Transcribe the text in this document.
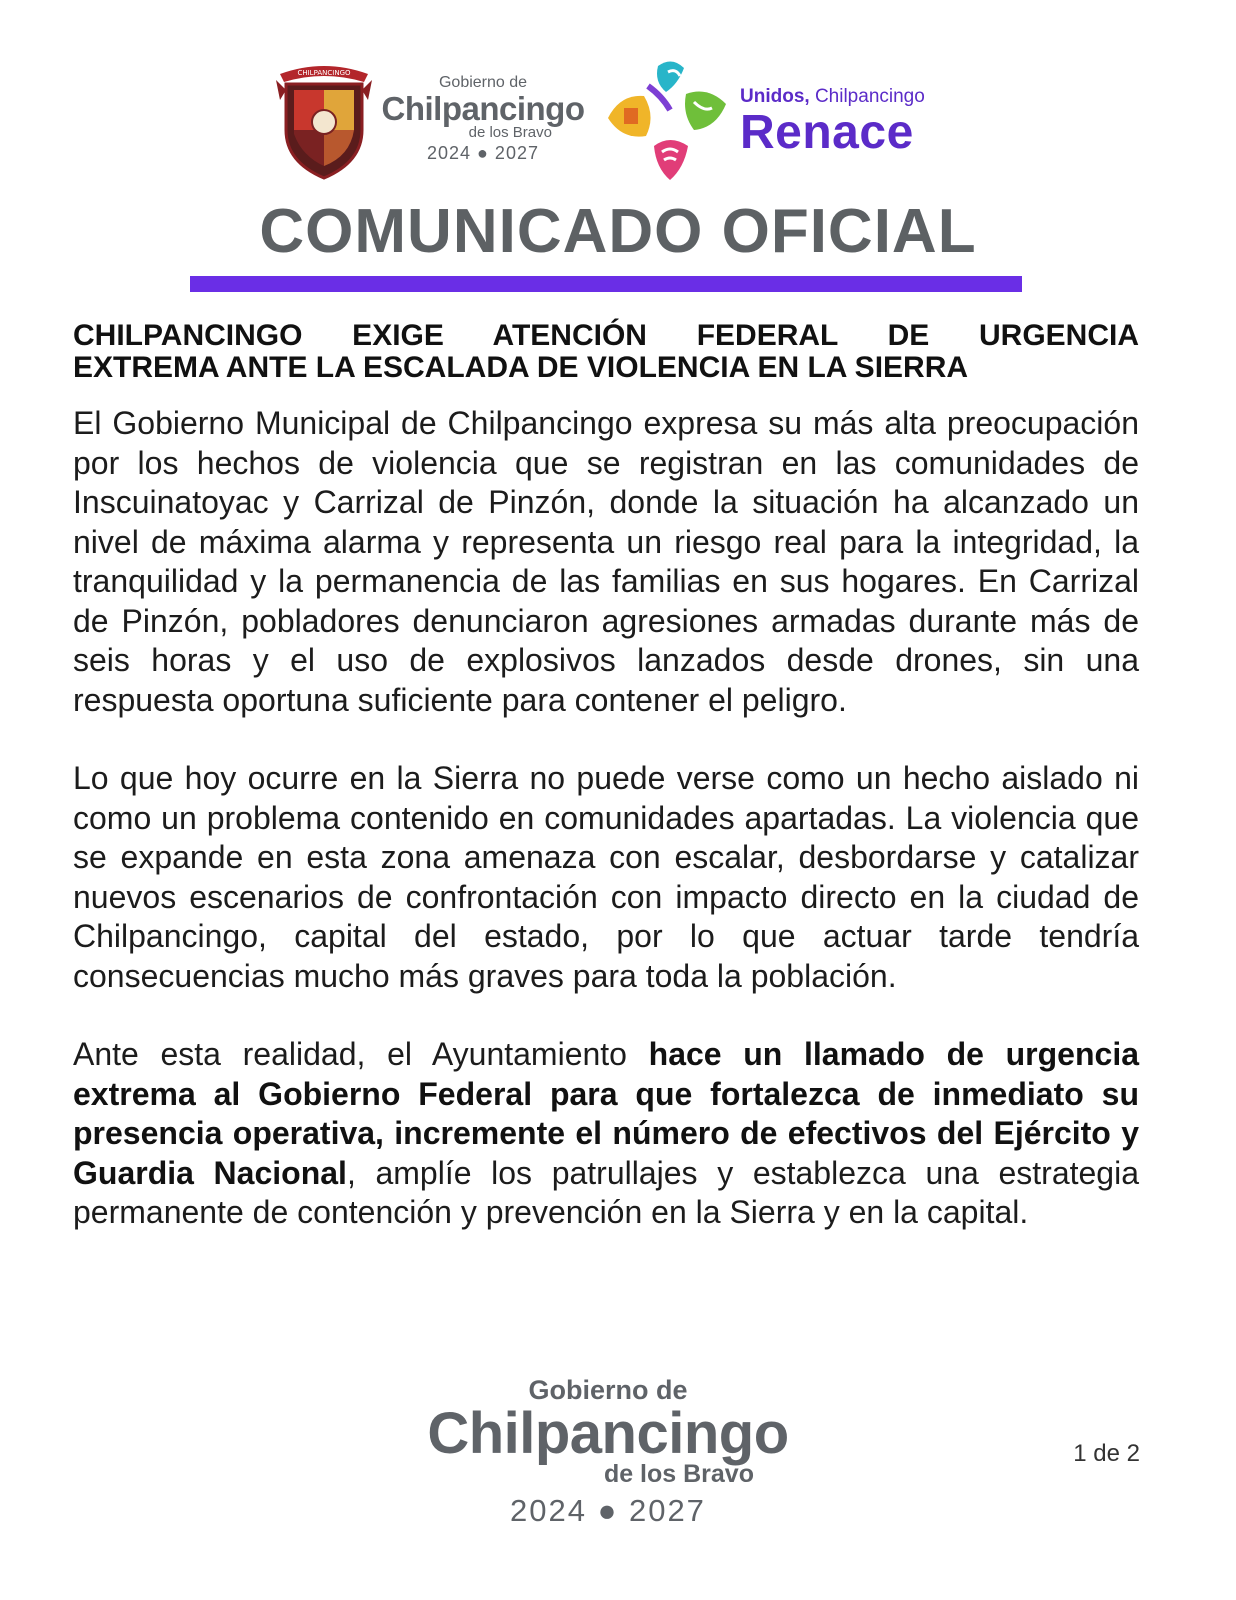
CHILPANCINGO
Gobierno de
Chilpancingo
de los Bravo
2024 ● 2027
Unidos, Chilpancingo
Renace
COMUNICADO OFICIAL
CHILPANCINGO EXIGE ATENCIÓN FEDERAL DE URGENCIA
EXTREMA ANTE LA ESCALADA DE VIOLENCIA EN LA SIERRA

El Gobierno Municipal de Chilpancingo expresa su más alta preocupación por los hechos de violencia que se registran en las comunidades de Inscuinatoyac y Carrizal de Pinzón, donde la situación ha alcanzado un nivel de máxima alarma y representa un riesgo real para la integridad, la tranquilidad y la permanencia de las familias en sus hogares. En Carrizal de Pinzón, pobladores denunciaron agresiones armadas durante más de seis horas y el uso de explosivos lanzados desde drones, sin una respuesta oportuna suficiente para contener el peligro.

Lo que hoy ocurre en la Sierra no puede verse como un hecho aislado ni como un problema contenido en comunidades apartadas. La violencia que se expande en esta zona amenaza con escalar, desbordarse y catalizar nuevos escenarios de confrontación con impacto directo en la ciudad de Chilpancingo, capital del estado, por lo que actuar tarde tendría consecuencias mucho más graves para toda la población.

Ante esta realidad, el Ayuntamiento hace un llamado de urgencia extrema al Gobierno Federal para que fortalezca de inmediato su presencia operativa, incremente el número de efectivos del Ejército y Guardia Nacional, amplíe los patrullajes y establezca una estrategia permanente de contención y prevención en la Sierra y en la capital.

Gobierno de
Chilpancingo
de los Bravo
2024 ● 2027
1 de 2
